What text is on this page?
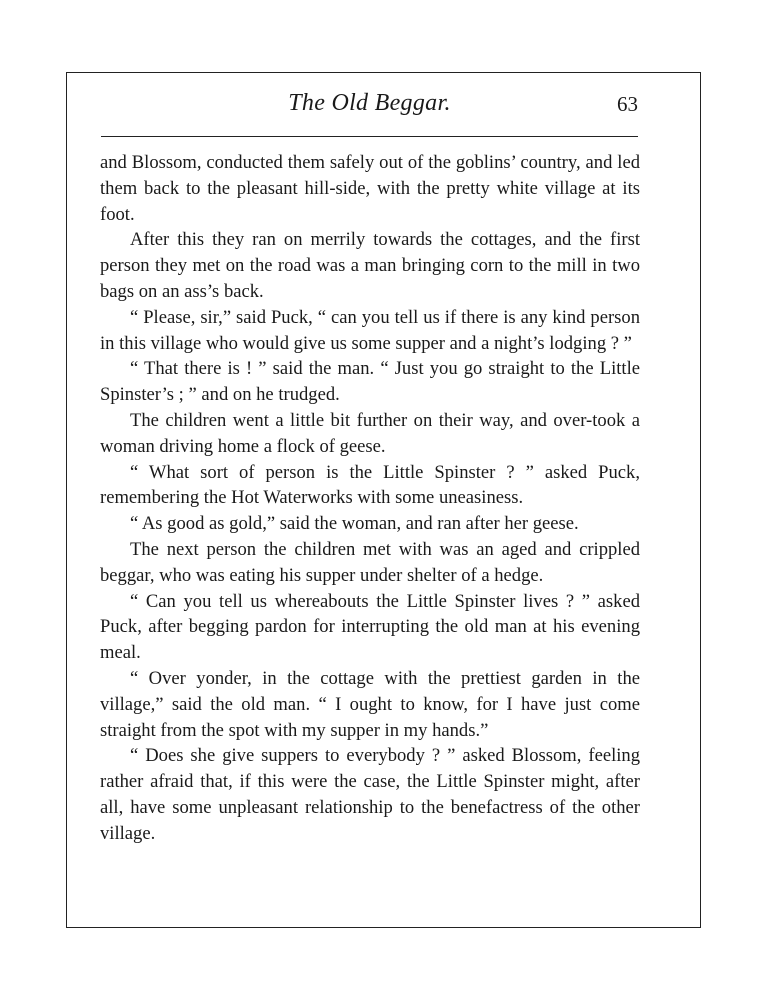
The Old Beggar.	63

and Blossom, conducted them safely out of the goblins’ country, and led them back to the pleasant hill-side, with the pretty white village at its foot.

After this they ran on merrily towards the cottages, and the first person they met on the road was a man bringing corn to the mill in two bags on an ass’s back.

“ Please, sir,” said Puck, “ can you tell us if there is any kind person in this village who would give us some supper and a night’s lodging ? ”

“ That there is ! ” said the man. “ Just you go straight to the Little Spinster’s ; ” and on he trudged.

The children went a little bit further on their way, and over-took a woman driving home a flock of geese.

“ What sort of person is the Little Spinster ? ” asked Puck, remembering the Hot Waterworks with some uneasiness.

“ As good as gold,” said the woman, and ran after her geese.

The next person the children met with was an aged and crippled beggar, who was eating his supper under shelter of a hedge.

“ Can you tell us whereabouts the Little Spinster lives ? ” asked Puck, after begging pardon for interrupting the old man at his evening meal.

“ Over yonder, in the cottage with the prettiest garden in the village,” said the old man. “ I ought to know, for I have just come straight from the spot with my supper in my hands.”

“ Does she give suppers to everybody ? ” asked Blossom, feeling rather afraid that, if this were the case, the Little Spinster might, after all, have some unpleasant relationship to the benefactress of the other village.
